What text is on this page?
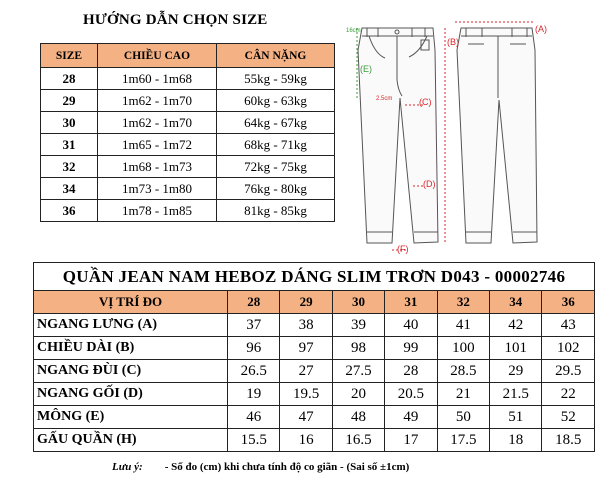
HƯỚNG DẪN CHỌN SIZE
SIZE	CHIỀU CAO	CÂN NẶNG
28	1m60 - 1m68	55kg - 59kg
29	1m62 - 1m70	60kg - 63kg
30	1m62 - 1m70	64kg - 67kg
31	1m65 - 1m72	68kg - 71kg
32	1m68 - 1m73	72kg - 75kg
34	1m73 - 1m80	76kg - 80kg
36	1m78 - 1m85	81kg - 85kg
(A)
(B)
(C)
(D)
(E)
(F)
16cm
2.5cm
QUẦN JEAN NAM HEBOZ DÁNG SLIM TRƠN D043 - 00002746							
VỊ TRÍ ĐO	28	29	30	31	32	34	36
NGANG LƯNG (A)	37	38	39	40	41	42	43
CHIỀU DÀI (B)	96	97	98	99	100	101	102
NGANG ĐÙI (C)	26.5	27	27.5	28	28.5	29	29.5
NGANG GỐI (D)	19	19.5	20	20.5	21	21.5	22
MÔNG (E)	46	47	48	49	50	51	52
GẤU QUẦN (H)	15.5	16	16.5	17	17.5	18	18.5
Lưu ý: - Số đo (cm) khi chưa tính độ co giãn - (Sai số ±1cm)
